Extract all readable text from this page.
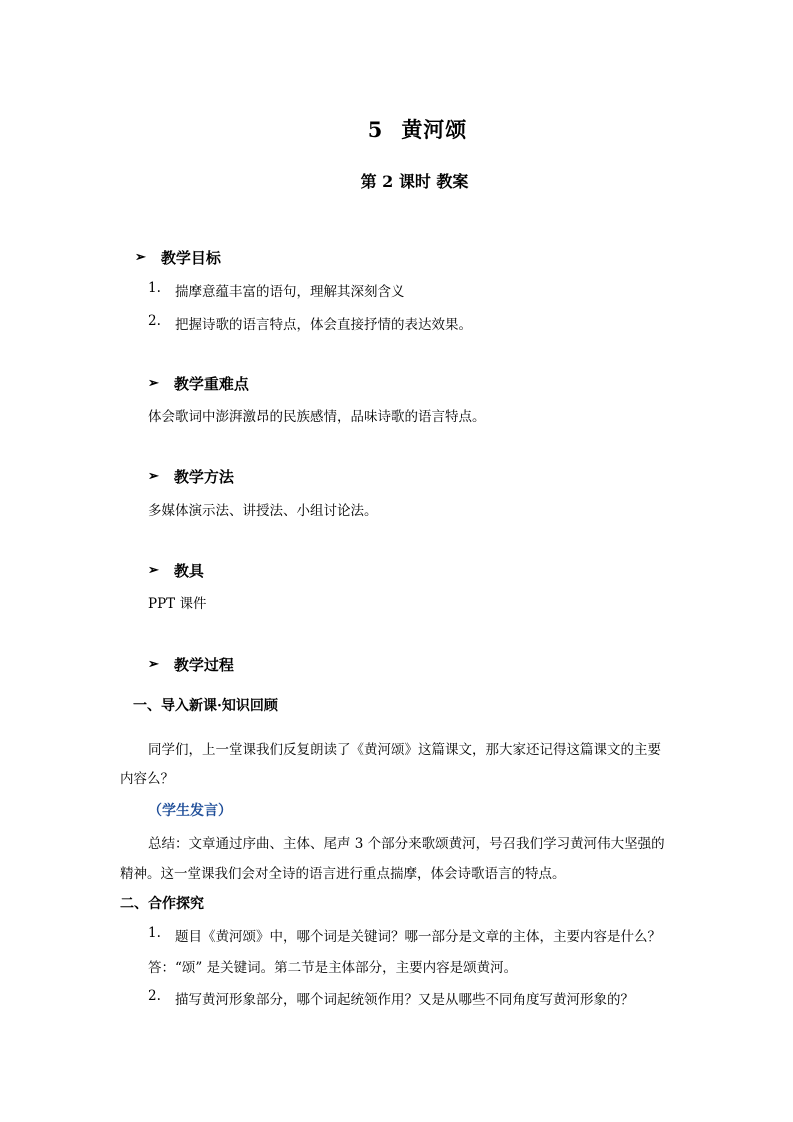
5 黄河颂
第 2 课时 教案
➢ 教学目标
1.	揣摩意蕴丰富的语句，理解其深刻含义
2.	把握诗歌的语言特点，体会直接抒情的表达效果。
➢ 教学重难点
体会歌词中澎湃激昂的民族感情，品味诗歌的语言特点。
➢ 教学方法
多媒体演示法、讲授法、小组讨论法。
➢ 教具
PPT 课件
➢ 教学过程
一、导入新课·知识回顾
同学们，上一堂课我们反复朗读了《黄河颂》这篇课文，那大家还记得这篇课文的主要
内容么？
（学生发言）
总结：文章通过序曲、主体、尾声 3 个部分来歌颂黄河，号召我们学习黄河伟大坚强的
精神。这一堂课我们会对全诗的语言进行重点揣摩，体会诗歌语言的特点。
二、合作探究
1.	题目《黄河颂》中，哪个词是关键词？哪一部分是文章的主体，主要内容是什么？
答：“颂” 是关键词。第二节是主体部分，主要内容是颂黄河。
2.	描写黄河形象部分，哪个词起统领作用？又是从哪些不同角度写黄河形象的？
